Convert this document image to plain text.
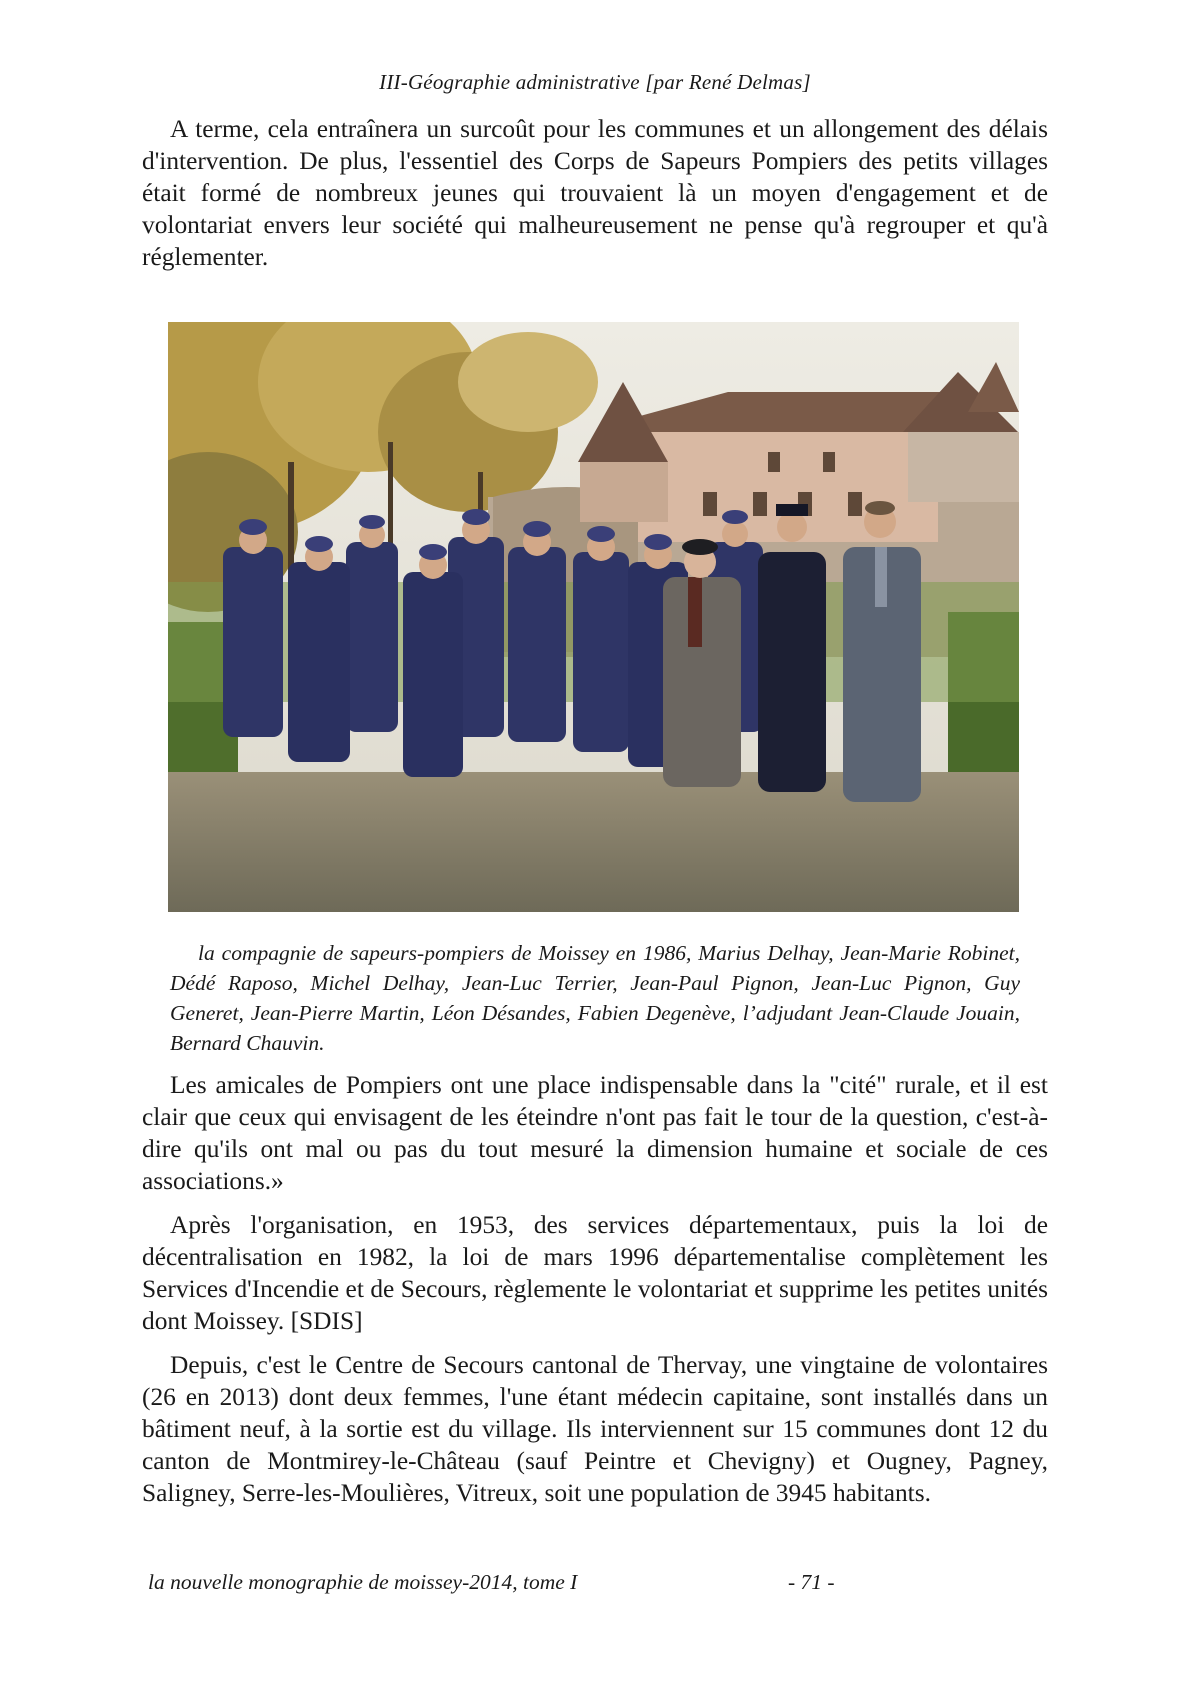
III-Géographie administrative [par René Delmas]

A terme, cela entraînera un surcoût pour les communes et un allongement des délais d'intervention. De plus, l'essentiel des Corps de Sapeurs Pompiers des petits villages était formé de nombreux jeunes qui trouvaient là un moyen d'engagement et de volontariat envers leur société qui malheureusement ne pense qu'à regrouper et qu'à réglementer.

la compagnie de sapeurs-pompiers de Moissey en 1986, Marius Delhay, Jean-Marie Robinet, Dédé Raposo, Michel Delhay, Jean-Luc Terrier, Jean-Paul Pignon, Jean-Luc Pignon, Guy Generet, Jean-Pierre Martin, Léon Désandes, Fabien Degenève, l’adjudant Jean-Claude Jouain, Bernard Chauvin.

Les amicales de Pompiers ont une place indispensable dans la "cité" rurale, et il est clair que ceux qui envisagent de les éteindre n'ont pas fait le tour de la question, c'est-à-dire qu'ils ont mal ou pas du tout mesuré la dimension humaine et sociale de ces associations.»

Après l'organisation, en 1953, des services départementaux, puis la loi de décentralisation en 1982, la loi de mars 1996 départementalise complètement les Services d'Incendie et de Secours, règlemente le volontariat et supprime les petites unités dont Moissey. [SDIS]

Depuis, c'est le Centre de Secours cantonal de Thervay, une vingtaine de volontaires (26 en 2013) dont deux femmes, l'une étant médecin capitaine, sont installés dans un bâtiment neuf, à la sortie est du village. Ils interviennent sur 15 communes dont 12 du canton de Montmirey-le-Château (sauf Peintre et Chevigny) et Ougney, Pagney, Saligney, Serre-les-Moulières, Vitreux, soit une population de 3945 habitants.

la nouvelle monographie de moissey-2014, tome I	- 71 -
